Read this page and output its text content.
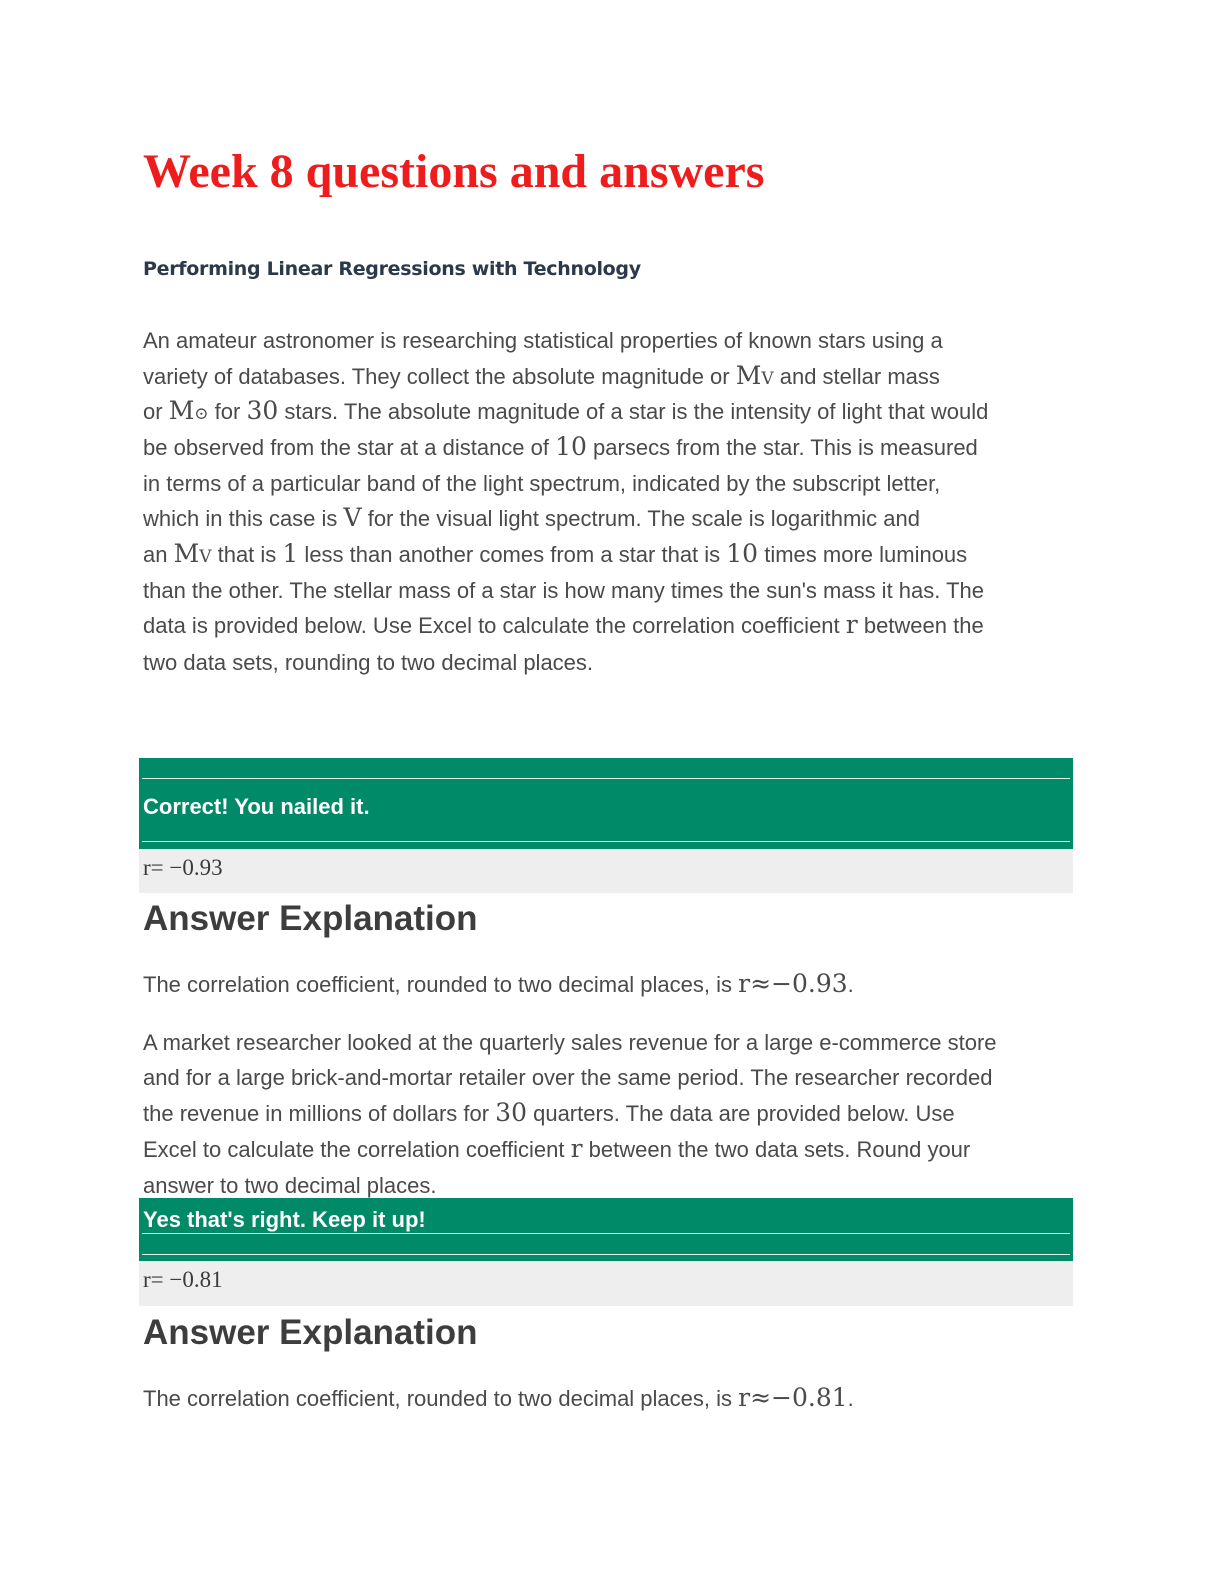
Week 8 questions and answers
Performing Linear Regressions with Technology
An amateur astronomer is researching statistical properties of known stars using a
variety of databases. They collect the absolute magnitude or MV and stellar mass
or M⊙ for 30 stars. The absolute magnitude of a star is the intensity of light that would
be observed from the star at a distance of 10 parsecs from the star. This is measured
in terms of a particular band of the light spectrum, indicated by the subscript letter,
which in this case is V for the visual light spectrum. The scale is logarithmic and
an MV that is 1 less than another comes from a star that is 10 times more luminous
than the other. The stellar mass of a star is how many times the sun's mass it has. The
data is provided below. Use Excel to calculate the correlation coefficient r between the
two data sets, rounding to two decimal places.

Correct! You nailed it.

r= −0.93

Answer Explanation

The correlation coefficient, rounded to two decimal places, is r≈−0.93.

A market researcher looked at the quarterly sales revenue for a large e-commerce store
and for a large brick-and-mortar retailer over the same period. The researcher recorded
the revenue in millions of dollars for 30 quarters. The data are provided below. Use
Excel to calculate the correlation coefficient r between the two data sets. Round your
answer to two decimal places.

Yes that's right. Keep it up!

r= −0.81

Answer Explanation

The correlation coefficient, rounded to two decimal places, is r≈−0.81.
